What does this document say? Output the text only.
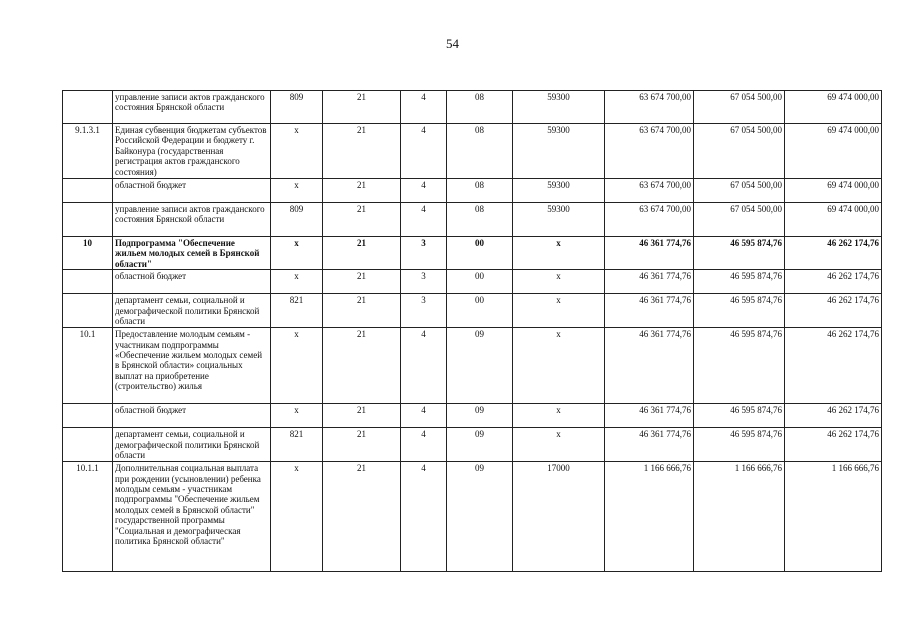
54
	управление записи актов гражданского состояния Брянской области	809	21	4	08	59300	63 674 700,00	67 054 500,00	69 474 000,00
9.1.3.1	Единая субвенция бюджетам субъектов Российской Федерации и бюджету г. Байконура (государственная регистрация актов гражданского состояния)	х	21	4	08	59300	63 674 700,00	67 054 500,00	69 474 000,00
	областной бюджет	х	21	4	08	59300	63 674 700,00	67 054 500,00	69 474 000,00
	управление записи актов гражданского состояния Брянской области	809	21	4	08	59300	63 674 700,00	67 054 500,00	69 474 000,00
10	Подпрограмма "Обеспечение жильем молодых семей в Брянской области"	х	21	3	00	х	46 361 774,76	46 595 874,76	46 262 174,76
	областной бюджет	х	21	3	00	х	46 361 774,76	46 595 874,76	46 262 174,76
	департамент семьи, социальной и демографической политики Брянской области	821	21	3	00	х	46 361 774,76	46 595 874,76	46 262 174,76
10.1	Предоставление молодым семьям - участникам подпрограммы «Обеспечение жильем молодых семей в Брянской области» социальных выплат на приобретение (строительство) жилья	х	21	4	09	х	46 361 774,76	46 595 874,76	46 262 174,76
	областной бюджет	х	21	4	09	х	46 361 774,76	46 595 874,76	46 262 174,76
	департамент семьи, социальной и демографической политики Брянской области	821	21	4	09	х	46 361 774,76	46 595 874,76	46 262 174,76
10.1.1	Дополнительная социальная выплата при рождении (усыновлении) ребенка молодым семьям - участникам подпрограммы "Обеспечение жильем молодых семей в Брянской области" государственной программы "Социальная и демографическая политика Брянской области"	х	21	4	09	17000	1 166 666,76	1 166 666,76	1 166 666,76
